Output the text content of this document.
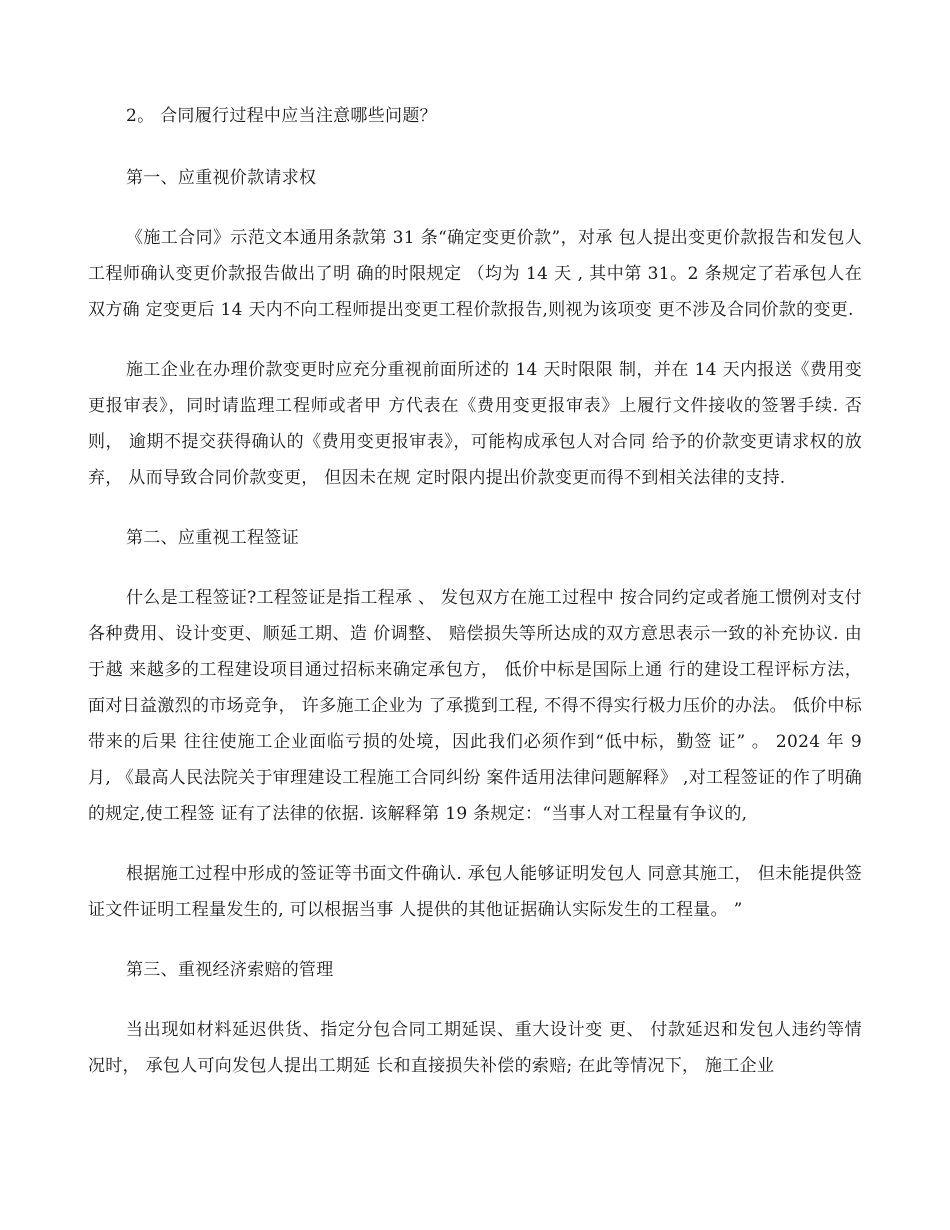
2。 合同履行过程中应当注意哪些问题？

第一、应重视价款请求权

《施工合同》示范文本通用条款第 31 条“确定变更价款”，对承 包人提出变更价款报告和发包人工程师确认变更价款报告做出了明 确的时限规定 （均为 14 天 , 其中第 31。2 条规定了若承包人在双方确 定变更后 14 天内不向工程师提出变更工程价款报告,则视为该项变 更不涉及合同价款的变更.

施工企业在办理价款变更时应充分重视前面所述的 14 天时限限 制，并在 14 天内报送《费用变更报审表》，同时请监理工程师或者甲 方代表在《费用变更报审表》上履行文件接收的签署手续. 否则， 逾期不提交获得确认的《费用变更报审表》，可能构成承包人对合同 给予的价款变更请求权的放弃， 从而导致合同价款变更， 但因未在规 定时限内提出价款变更而得不到相关法律的支持.

第二、应重视工程签证

什么是工程签证?工程签证是指工程承 、 发包双方在施工过程中 按合同约定或者施工惯例对支付各种费用、设计变更、顺延工期、造 价调整、 赔偿损失等所达成的双方意思表示一致的补充协议. 由于越 来越多的工程建设项目通过招标来确定承包方， 低价中标是国际上通 行的建设工程评标方法， 面对日益激烈的市场竞争， 许多施工企业为 了承揽到工程, 不得不得实行极力压价的办法。 低价中标带来的后果 往往使施工企业面临亏损的处境，因此我们必须作到“低中标，勤签 证” 。 2024 年 9 月, 《最高人民法院关于审理建设工程施工合同纠纷 案件适用法律问题解释》 ,对工程签证的作了明确的规定,使工程签 证有了法律的依据. 该解释第 19 条规定：“当事人对工程量有争议的,

根据施工过程中形成的签证等书面文件确认. 承包人能够证明发包人 同意其施工， 但未能提供签证文件证明工程量发生的, 可以根据当事 人提供的其他证据确认实际发生的工程量。 ”

第三、重视经济索赔的管理

当出现如材料延迟供货、指定分包合同工期延误、重大设计变 更、 付款延迟和发包人违约等情况时， 承包人可向发包人提出工期延 长和直接损失补偿的索赔; 在此等情况下， 施工企业
